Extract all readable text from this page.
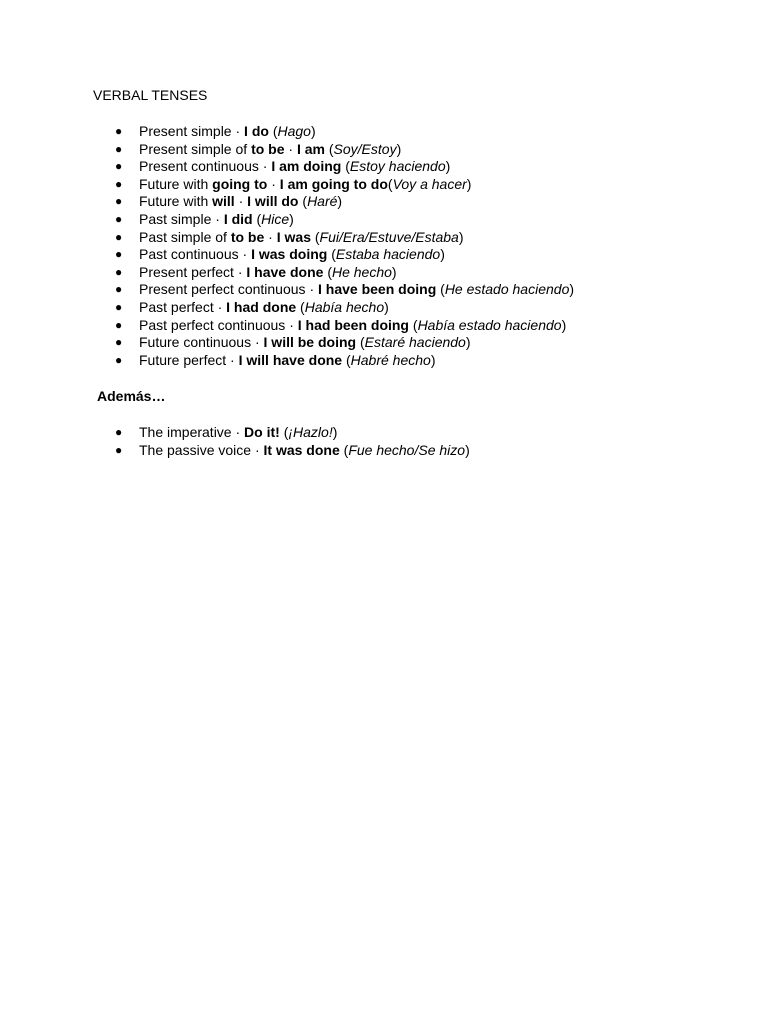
VERBAL TENSES
● Present simple · I do (Hago)
● Present simple of to be · I am (Soy/Estoy)
● Present continuous · I am doing (Estoy haciendo)
● Future with going to · I am going to do(Voy a hacer)
● Future with will · I will do (Haré)
● Past simple · I did (Hice)
● Past simple of to be · I was (Fui/Era/Estuve/Estaba)
● Past continuous · I was doing (Estaba haciendo)
● Present perfect · I have done (He hecho)
● Present perfect continuous · I have been doing (He estado haciendo)
● Past perfect · I had done (Había hecho)
● Past perfect continuous · I had been doing (Había estado haciendo)
● Future continuous · I will be doing (Estaré haciendo)
● Future perfect · I will have done (Habré hecho)
Además…
● The imperative · Do it! (¡Hazlo!)
● The passive voice · It was done (Fue hecho/Se hizo)
